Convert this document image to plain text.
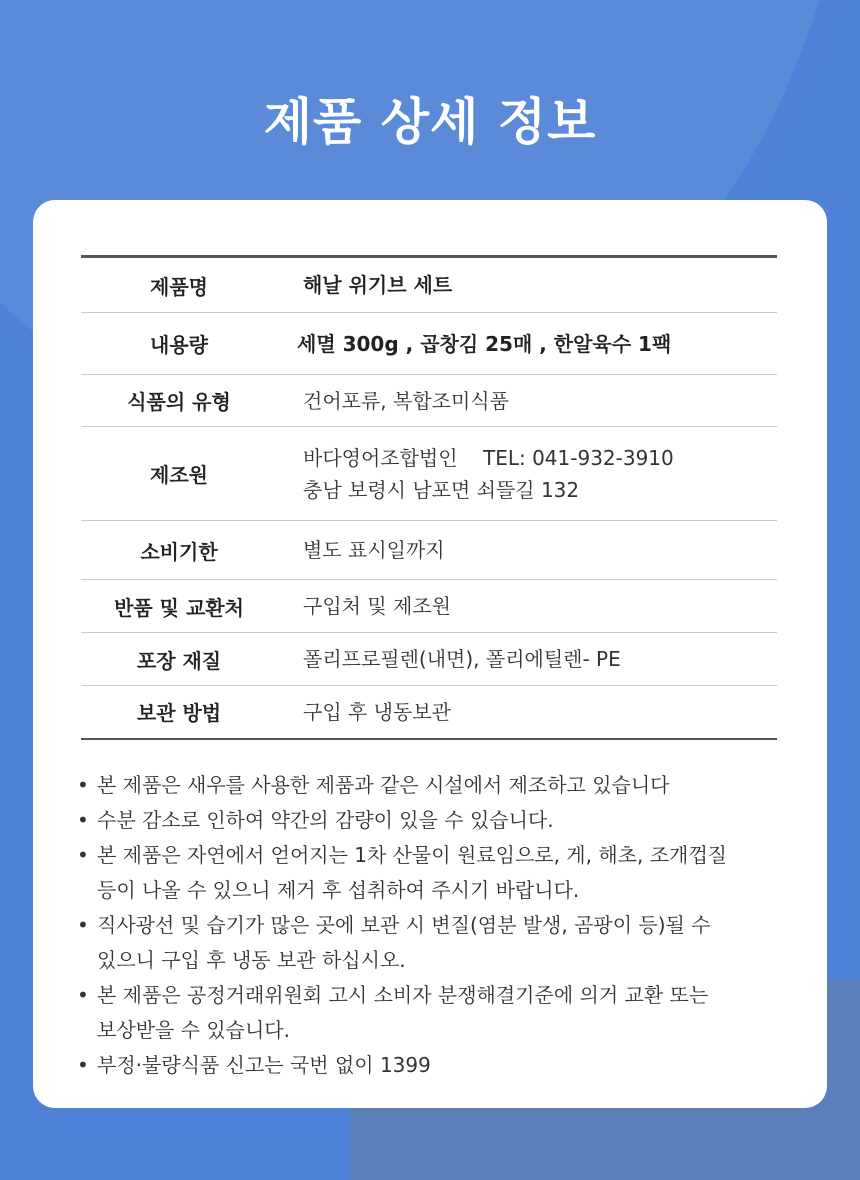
제품 상세 정보
제품명	해날 위기브 세트

내용량	세멸 300g , 곱창김 25매 , 한알육수 1팩

식품의 유형	건어포류, 복합조미식품

제조원	바다영어조합법인    TEL: 041-932-3910
충남 보령시 남포면 쇠뜰길 132

소비기한	별도 표시일까지

반품 및 교환처	구입처 및 제조원

포장 재질	폴리프로필렌(내면), 폴리에틸렌- PE

보관 방법	구입 후 냉동보관
• 본 제품은 새우를 사용한 제품과 같은 시설에서 제조하고 있습니다
• 수분 감소로 인하여 약간의 감량이 있을 수 있습니다.
• 본 제품은 자연에서 얻어지는 1차 산물이 원료임으로, 게, 해초, 조개껍질
등이 나올 수 있으니 제거 후 섭취하여 주시기 바랍니다.
• 직사광선 및 습기가 많은 곳에 보관 시 변질(염분 발생, 곰팡이 등)될 수
있으니 구입 후 냉동 보관 하십시오.
• 본 제품은 공정거래위원회 고시 소비자 분쟁해결기준에 의거 교환 또는
보상받을 수 있습니다.
• 부정·불량식품 신고는 국번 없이 1399
